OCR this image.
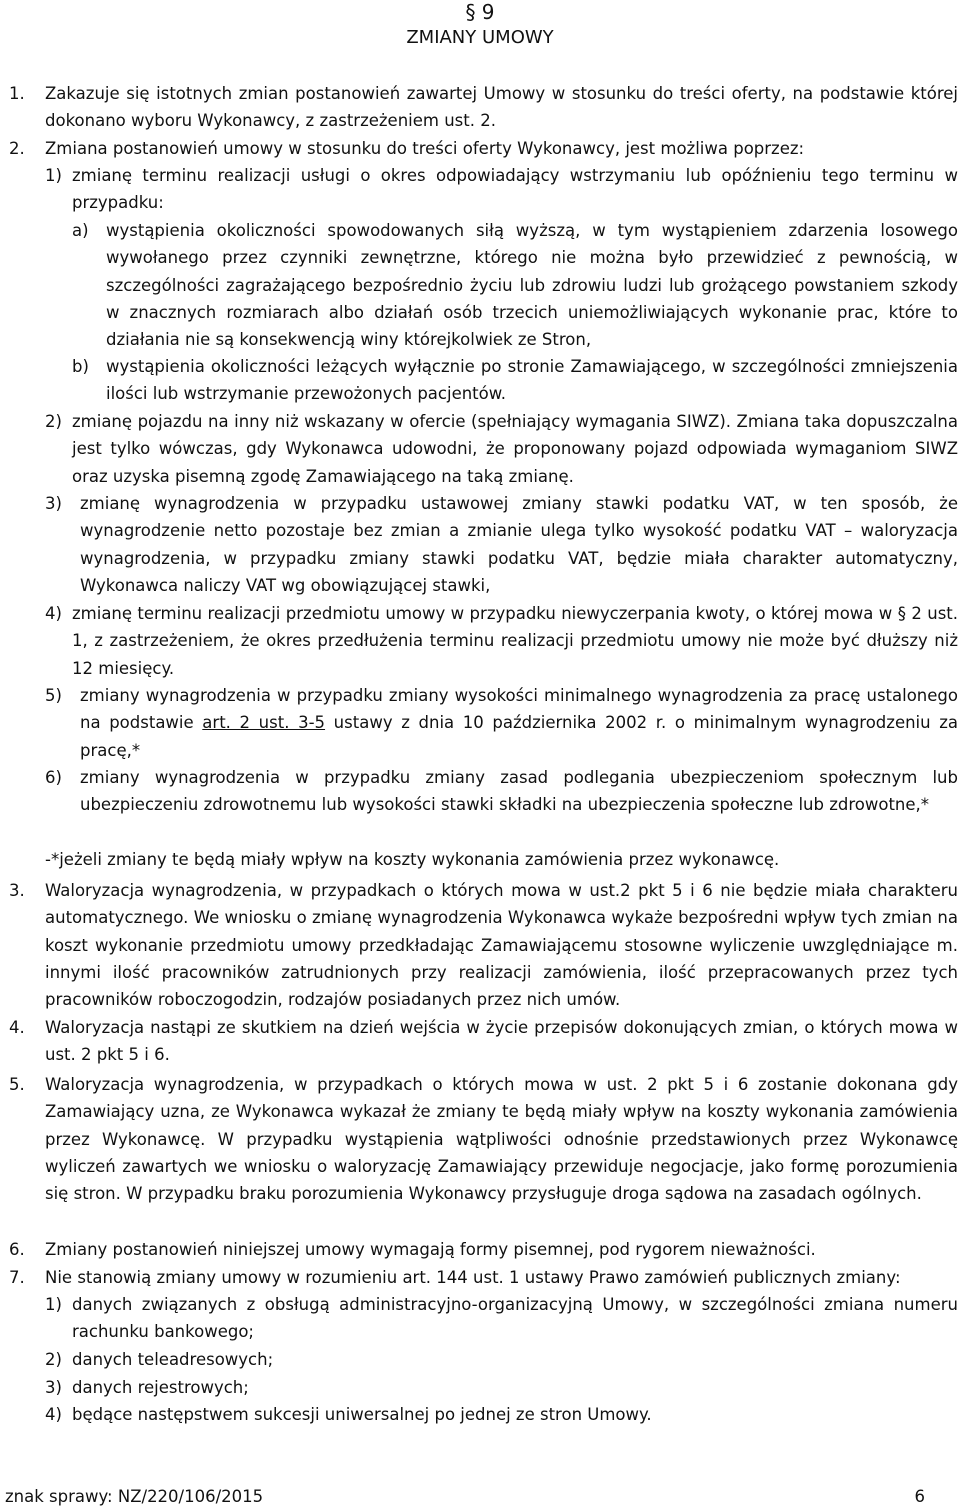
§ 9
ZMIANY UMOWY
1. Zakazuje się istotnych zmian postanowień zawartej Umowy w stosunku do treści oferty, na podstawie której dokonano wyboru Wykonawcy, z zastrzeżeniem ust. 2.
2. Zmiana postanowień umowy w stosunku do treści oferty Wykonawcy, jest możliwa poprzez:
1) zmianę terminu realizacji usługi o okres odpowiadający wstrzymaniu lub opóźnieniu tego terminu w przypadku:
a) wystąpienia okoliczności spowodowanych siłą wyższą, w tym wystąpieniem zdarzenia losowego wywołanego przez czynniki zewnętrzne, którego nie można było przewidzieć z pewnością, w szczególności zagrażającego bezpośrednio życiu lub zdrowiu ludzi lub grożącego powstaniem szkody w znacznych rozmiarach albo działań osób trzecich uniemożliwiających wykonanie prac, które to działania nie są konsekwencją winy którejkolwiek ze Stron,
b) wystąpienia okoliczności leżących wyłącznie po stronie Zamawiającego, w szczególności zmniejszenia ilości lub wstrzymanie przewożonych pacjentów.
2) zmianę pojazdu na inny niż wskazany w ofercie (spełniający wymagania SIWZ). Zmiana taka dopuszczalna jest tylko wówczas, gdy Wykonawca udowodni, że proponowany pojazd odpowiada wymaganiom SIWZ oraz uzyska pisemną zgodę Zamawiającego na taką zmianę.
3) zmianę wynagrodzenia w przypadku ustawowej zmiany stawki podatku VAT, w ten sposób, że wynagrodzenie netto pozostaje bez zmian a zmianie ulega tylko wysokość podatku VAT – waloryzacja wynagrodzenia, w przypadku zmiany stawki podatku VAT, będzie miała charakter automatyczny, Wykonawca naliczy VAT wg obowiązującej stawki,
4) zmianę terminu realizacji przedmiotu umowy w przypadku niewyczerpania kwoty, o której mowa w § 2 ust. 1, z zastrzeżeniem, że okres przedłużenia terminu realizacji przedmiotu umowy nie może być dłuższy niż 12 miesięcy.
5) zmiany wynagrodzenia w przypadku zmiany wysokości minimalnego wynagrodzenia za pracę ustalonego na podstawie art. 2 ust. 3-5 ustawy z dnia 10 października 2002 r. o minimalnym wynagrodzeniu za pracę,*
6) zmiany wynagrodzenia w przypadku zmiany zasad podlegania ubezpieczeniom społecznym lub ubezpieczeniu zdrowotnemu lub wysokości stawki składki na ubezpieczenia społeczne lub zdrowotne,*
-*jeżeli zmiany te będą miały wpływ na koszty wykonania zamówienia przez wykonawcę.
3. Waloryzacja wynagrodzenia, w przypadkach o których mowa w ust.2 pkt 5 i 6 nie będzie miała charakteru automatycznego. We wniosku o zmianę wynagrodzenia Wykonawca wykaże bezpośredni wpływ tych zmian na koszt wykonanie przedmiotu umowy przedkładając Zamawiającemu stosowne wyliczenie uwzględniające m. innymi ilość pracowników zatrudnionych przy realizacji zamówienia, ilość przepracowanych przez tych pracowników roboczogodzin, rodzajów posiadanych przez nich umów.
4. Waloryzacja nastąpi ze skutkiem na dzień wejścia w życie przepisów dokonujących zmian, o których mowa w ust. 2 pkt 5 i 6.
5. Waloryzacja wynagrodzenia, w przypadkach o których mowa w ust. 2 pkt 5 i 6 zostanie dokonana gdy Zamawiający uzna, ze Wykonawca wykazał że zmiany te będą miały wpływ na koszty wykonania zamówienia przez Wykonawcę. W przypadku wystąpienia wątpliwości odnośnie przedstawionych przez Wykonawcę wyliczeń zawartych we wniosku o waloryzację Zamawiający przewiduje negocjacje, jako formę porozumienia się stron. W przypadku braku porozumienia Wykonawcy przysługuje droga sądowa na zasadach ogólnych.
6. Zmiany postanowień niniejszej umowy wymagają formy pisemnej, pod rygorem nieważności.
7. Nie stanowią zmiany umowy w rozumieniu art. 144 ust. 1 ustawy Prawo zamówień publicznych zmiany:
1) danych związanych z obsługą administracyjno-organizacyjną Umowy, w szczególności zmiana numeru rachunku bankowego;
2) danych teleadresowych;
3) danych rejestrowych;
4) będące następstwem sukcesji uniwersalnej po jednej ze stron Umowy.
znak sprawy: NZ/220/106/2015	6
